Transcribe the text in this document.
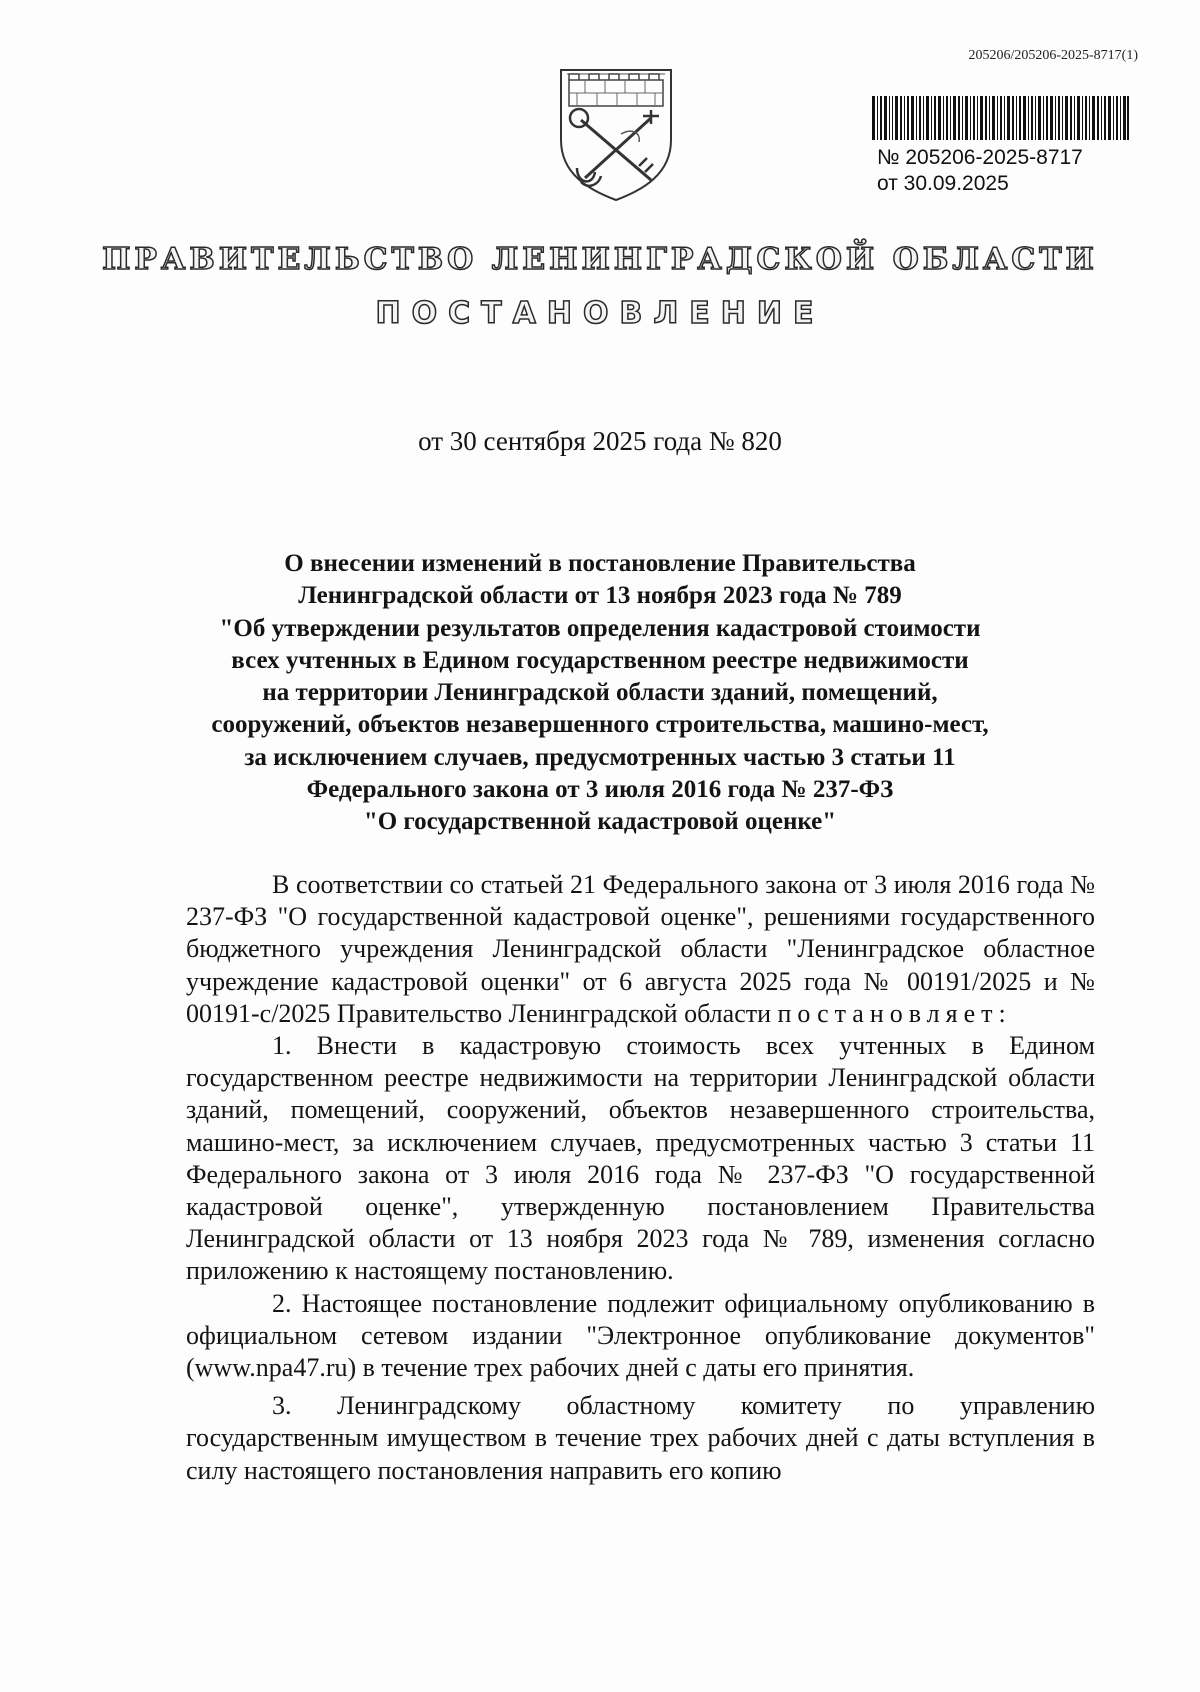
205206/205206-2025-8717(1)
№ 205206-2025-8717
от 30.09.2025
ПРАВИТЕЛЬСТВО ЛЕНИНГРАДСКОЙ ОБЛАСТИ
ПОСТАНОВЛЕНИЕ
от 30 сентября 2025 года № 820
О внесении изменений в постановление Правительства
Ленинградской области от 13 ноября 2023 года № 789
"Об утверждении результатов определения кадастровой стоимости
всех учтенных в Едином государственном реестре недвижимости
на территории Ленинградской области зданий, помещений,
сооружений, объектов незавершенного строительства, машино-мест,
за исключением случаев, предусмотренных частью 3 статьи 11
Федерального закона от 3 июля 2016 года № 237-ФЗ
"О государственной кадастровой оценке"

В соответствии со статьей 21 Федерального закона от 3 июля 2016 года № 237-ФЗ "О государственной кадастровой оценке", решениями государственного бюджетного учреждения Ленинградской области "Ленинградское областное учреждение кадастровой оценки" от 6 августа 2025 года № 00191/2025 и № 00191-с/2025 Правительство Ленинградской области постановляет:

1. Внести в кадастровую стоимость всех учтенных в Едином государственном реестре недвижимости на территории Ленинградской области зданий, помещений, сооружений, объектов незавершенного строительства, машино-мест, за исключением случаев, предусмотренных частью 3 статьи 11 Федерального закона от 3 июля 2016 года № 237-ФЗ "О государственной кадастровой оценке", утвержденную постановлением Правительства Ленинградской области от 13 ноября 2023 года № 789, изменения согласно приложению к настоящему постановлению.

2. Настоящее постановление подлежит официальному опубликованию в официальном сетевом издании "Электронное опубликование документов" (www.npa47.ru) в течение трех рабочих дней с даты его принятия.

3. Ленинградскому областному комитету по управлению государственным имуществом в течение трех рабочих дней с даты вступления в силу настоящего постановления направить его копию
